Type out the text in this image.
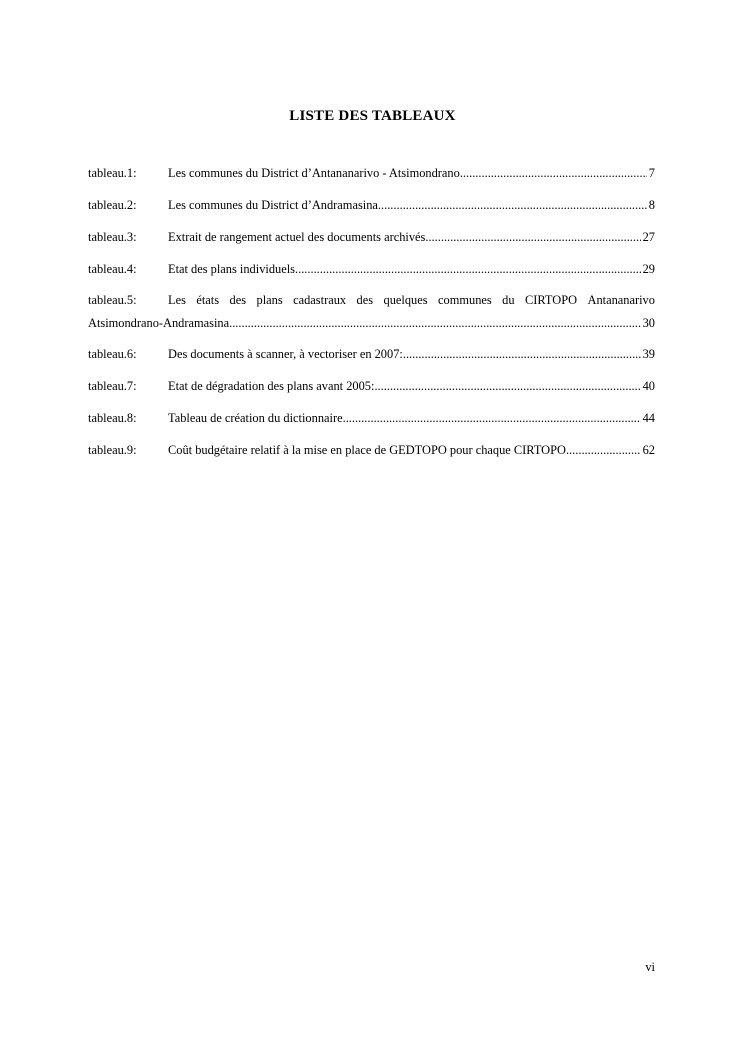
LISTE DES TABLEAUX
tableau.1:	Les communes du District d’Antananarivo - Atsimondrano .....	7
tableau.2:	Les communes du District d’Andramasina .....	8
tableau.3:	Extrait de rangement actuel des documents archivés .....	27
tableau.4:	Etat des plans individuels .....	29
tableau.5:	Les états des plans cadastraux des quelques communes du CIRTOPO Antananarivo
Atsimondrano-Andramasina .....	30
tableau.6:	Des documents à scanner, à vectoriser en 2007: .....	39
tableau.7:	Etat de dégradation des plans avant 2005: .....	40
tableau.8:	Tableau de création du dictionnaire .....	44
tableau.9:	Coût budgétaire relatif à la mise en place de GEDTOPO pour chaque CIRTOPO .....	62
vi
